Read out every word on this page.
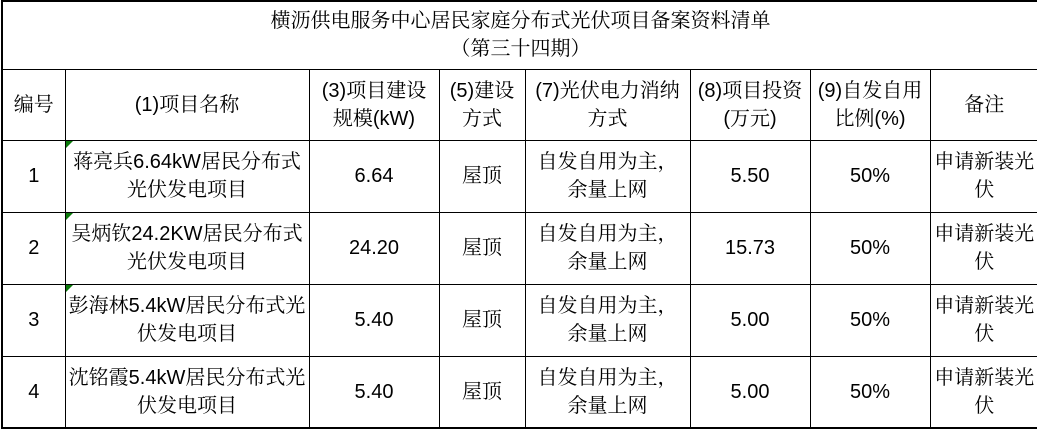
横沥供电服务中心居民家庭分布式光伏项目备案资料清单
（第三十四期）							

编号	(1)项目名称	(3)项目建设规模(kW)	(5)建设方式	(7)光伏电力消纳方式	(8)项目投资(万元)	(9)自发自用比例(%)	备注
1	蒋亮兵6.64kW居民分布式光伏发电项目	6.64	屋顶	自发自用为主，余量上网	5.50	50%	申请新装光伏
2	吴炳钦24.2KW居民分布式光伏发电项目	24.20	屋顶	自发自用为主，余量上网	15.73	50%	申请新装光伏
3	彭海林5.4kW居民分布式光伏发电项目	5.40	屋顶	自发自用为主，余量上网	5.00	50%	申请新装光伏
4	沈铭霞5.4kW居民分布式光伏发电项目	5.40	屋顶	自发自用为主，余量上网	5.00	50%	申请新装光伏
